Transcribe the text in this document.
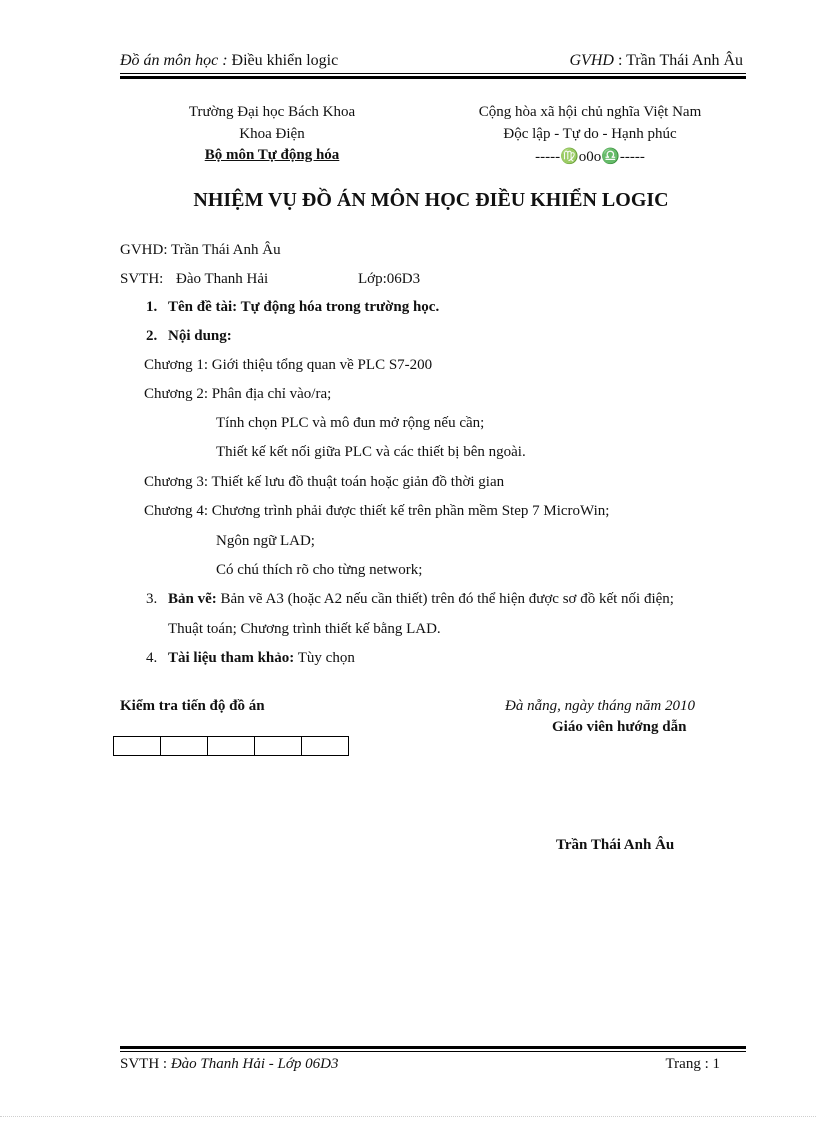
Đồ án môn học : Điều khiển logic	GVHD : Trần Thái Anh Âu
Trường Đại học Bách Khoa
Khoa Điện
Bộ môn Tự động hóa
Cộng hòa xã hội chủ nghĩa Việt Nam
Độc lập - Tự do - Hạnh phúc
-----♍o0o♎-----
NHIỆM VỤ ĐỒ ÁN MÔN HỌC ĐIỀU KHIỂN LOGIC
GVHD: Trần Thái Anh Âu
SVTH: Đào Thanh Hải	Lớp:06D3
1. Tên đề tài: Tự động hóa trong trường học.
2. Nội dung:
Chương 1: Giới thiệu tổng quan về PLC S7-200
Chương 2: Phân địa chỉ vào/ra;
Tính chọn PLC và mô đun mở rộng nếu cần;
Thiết kế kết nối giữa PLC và các thiết bị bên ngoài.
Chương 3: Thiết kế lưu đồ thuật toán hoặc giản đồ thời gian
Chương 4: Chương trình phải được thiết kế trên phần mềm Step 7 MicroWin;
Ngôn ngữ LAD;
Có chú thích rõ cho từng network;
3. Bản vẽ: Bản vẽ A3 (hoặc A2 nếu cần thiết) trên đó thể hiện được sơ đồ kết nối điện;
Thuật toán; Chương trình thiết kế bằng LAD.
4. Tài liệu tham khảo: Tùy chọn
Kiểm tra tiến độ đồ án
					Đà nẵng, ngày tháng năm 2010
Giáo viên hướng dẫn
Trần Thái Anh Âu
SVTH : Đào Thanh Hải - Lớp 06D3	Trang : 1
